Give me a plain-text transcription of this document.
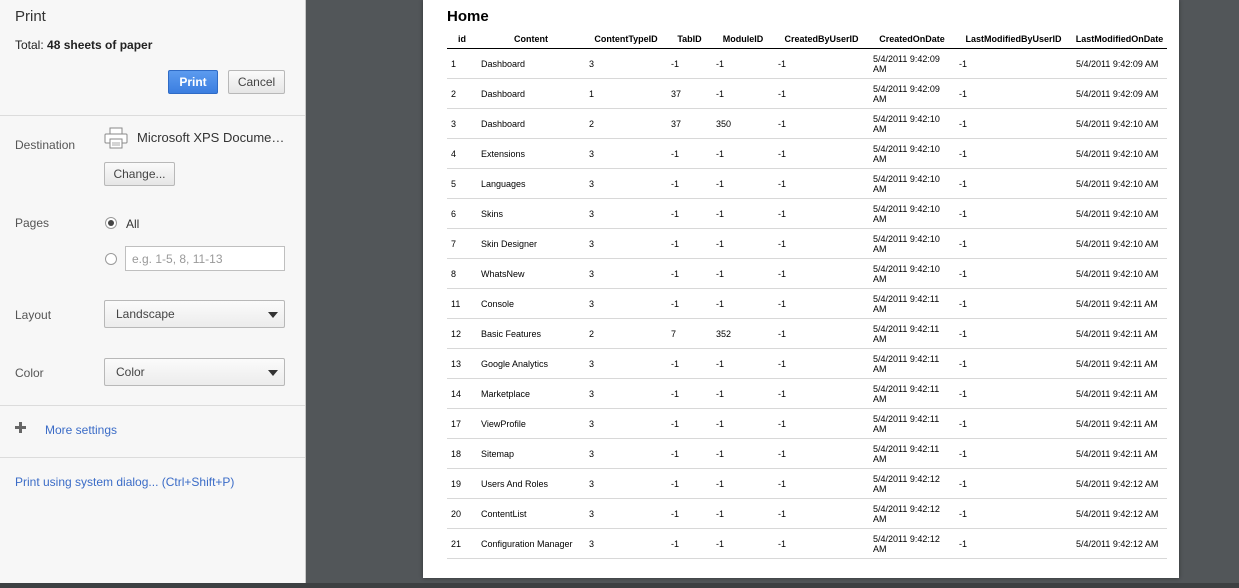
Print
Total: 48 sheets of paper
Print	Cancel
Destination	Microsoft XPS Docume…
Change...
Pages	All
e.g. 1-5, 8, 11-13
Layout	Landscape
Color	Color
More settings
Print using system dialog... (Ctrl+Shift+P)
Home
id	Content	ContentTypeID	TabID	ModuleID	CreatedByUserID	CreatedOnDate	LastModifiedByUserID	LastModifiedOnDate
1	Dashboard	3	-1	-1	-1	5/4/2011 9:42:09 AM	-1	5/4/2011 9:42:09 AM
2	Dashboard	1	37	-1	-1	5/4/2011 9:42:09 AM	-1	5/4/2011 9:42:09 AM
3	Dashboard	2	37	350	-1	5/4/2011 9:42:10 AM	-1	5/4/2011 9:42:10 AM
4	Extensions	3	-1	-1	-1	5/4/2011 9:42:10 AM	-1	5/4/2011 9:42:10 AM
5	Languages	3	-1	-1	-1	5/4/2011 9:42:10 AM	-1	5/4/2011 9:42:10 AM
6	Skins	3	-1	-1	-1	5/4/2011 9:42:10 AM	-1	5/4/2011 9:42:10 AM
7	Skin Designer	3	-1	-1	-1	5/4/2011 9:42:10 AM	-1	5/4/2011 9:42:10 AM
8	WhatsNew	3	-1	-1	-1	5/4/2011 9:42:10 AM	-1	5/4/2011 9:42:10 AM
11	Console	3	-1	-1	-1	5/4/2011 9:42:11 AM	-1	5/4/2011 9:42:11 AM
12	Basic Features	2	7	352	-1	5/4/2011 9:42:11 AM	-1	5/4/2011 9:42:11 AM
13	Google Analytics	3	-1	-1	-1	5/4/2011 9:42:11 AM	-1	5/4/2011 9:42:11 AM
14	Marketplace	3	-1	-1	-1	5/4/2011 9:42:11 AM	-1	5/4/2011 9:42:11 AM
17	ViewProfile	3	-1	-1	-1	5/4/2011 9:42:11 AM	-1	5/4/2011 9:42:11 AM
18	Sitemap	3	-1	-1	-1	5/4/2011 9:42:11 AM	-1	5/4/2011 9:42:11 AM
19	Users And Roles	3	-1	-1	-1	5/4/2011 9:42:12 AM	-1	5/4/2011 9:42:12 AM
20	ContentList	3	-1	-1	-1	5/4/2011 9:42:12 AM	-1	5/4/2011 9:42:12 AM
21	Configuration Manager	3	-1	-1	-1	5/4/2011 9:42:12 AM	-1	5/4/2011 9:42:12 AM
